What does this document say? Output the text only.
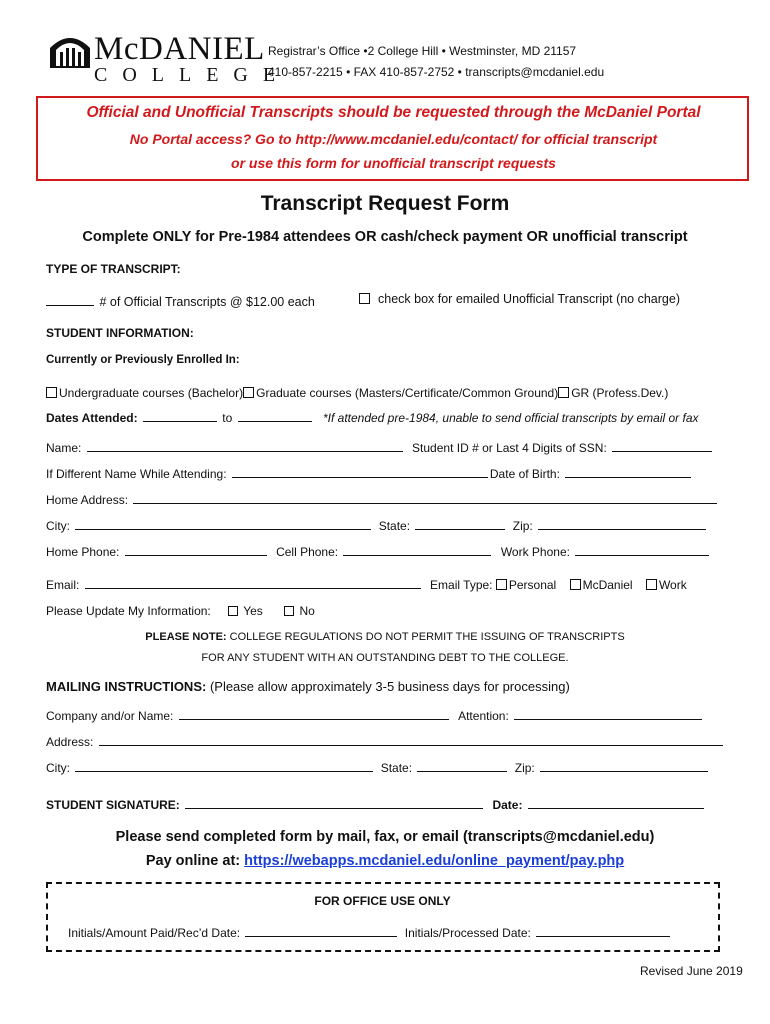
McDANIEL
COLLEGE
Registrar’s Office •2 College Hill • Westminster, MD 21157
410-857-2215 • FAX 410-857-2752 • transcripts@mcdaniel.edu
Official and Unofficial Transcripts should be requested through the McDaniel Portal
No Portal access? Go to http://www.mcdaniel.edu/contact/ for official transcript
or use this form for unofficial transcript requests
Transcript Request Form
Complete ONLY for Pre-1984 attendees OR cash/check payment OR unofficial transcript
TYPE OF TRANSCRIPT:
# of Official Transcripts @ $12.00 each	check box for emailed Unofficial Transcript (no charge)
STUDENT INFORMATION:
Currently or Previously Enrolled In:
Undergraduate courses (Bachelor) Graduate courses (Masters/Certificate/Common Ground) GR (Profess.Dev.)
Dates Attended:	to	*If attended pre-1984, unable to send official transcripts by email or fax
Name:	Student ID # or Last 4 Digits of SSN:
If Different Name While Attending:	Date of Birth:
Home Address:
City:	State:	Zip:
Home Phone:	Cell Phone:	Work Phone:
Email:	Email Type: Personal McDaniel Work
Please Update My Information:	Yes	No
PLEASE NOTE: COLLEGE REGULATIONS DO NOT PERMIT THE ISSUING OF TRANSCRIPTS
FOR ANY STUDENT WITH AN OUTSTANDING DEBT TO THE COLLEGE.
MAILING INSTRUCTIONS: (Please allow approximately 3-5 business days for processing)
Company and/or Name:	Attention:
Address:
City:	State:	Zip:
STUDENT SIGNATURE:	Date:
Please send completed form by mail, fax, or email (transcripts@mcdaniel.edu)
Pay online at: https://webapps.mcdaniel.edu/online_payment/pay.php
FOR OFFICE USE ONLY
Initials/Amount Paid/Rec’d Date:	Initials/Processed Date:
Revised June 2019
